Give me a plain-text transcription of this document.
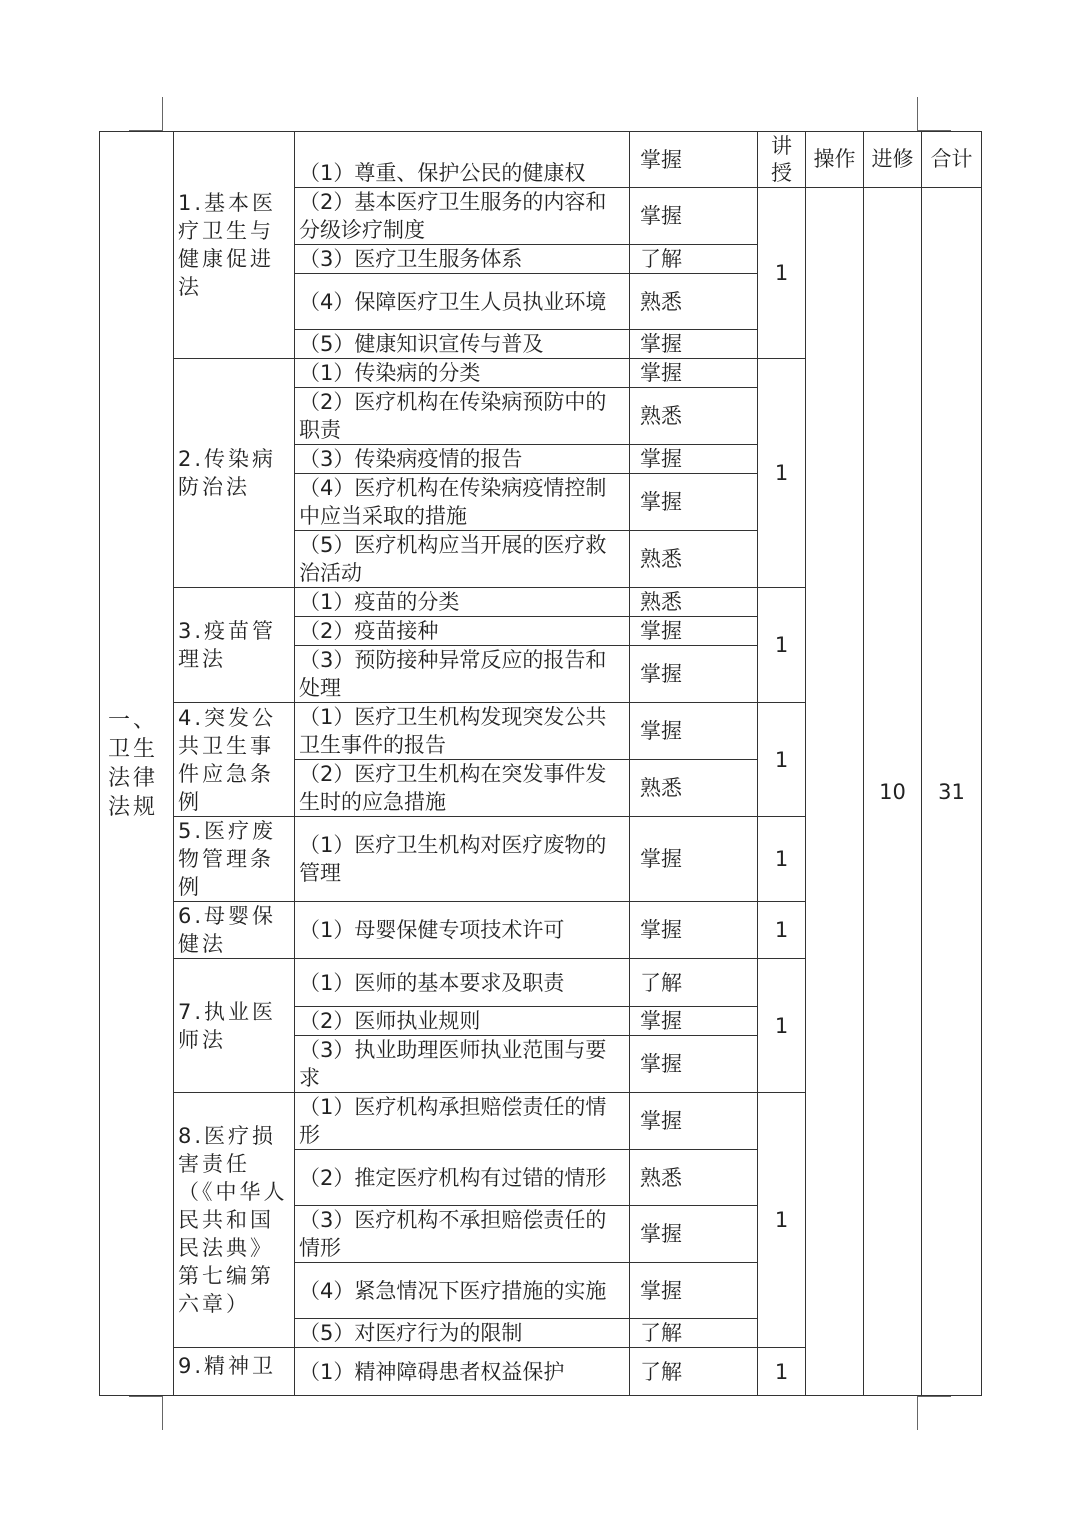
一、卫生法律法规	1.基本医疗卫生与健康促进法	（1）尊重、保护公民的健康权	掌握	讲授	操作	进修	合计
		（2）基本医疗卫生服务的内容和分级诊疗制度	掌握	1		10	31
		（3）医疗卫生服务体系	了解				
		（4）保障医疗卫生人员执业环境	熟悉				
		（5）健康知识宣传与普及	掌握				
	2.传染病防治法	（1）传染病的分类	掌握	1			
		（2）医疗机构在传染病预防中的职责	熟悉				
		（3）传染病疫情的报告	掌握				
		（4）医疗机构在传染病疫情控制中应当采取的措施	掌握				
		（5）医疗机构应当开展的医疗救治活动	熟悉				
	3.疫苗管理法	（1）疫苗的分类	熟悉	1			
		（2）疫苗接种	掌握				
		（3）预防接种异常反应的报告和处理	掌握				
	4.突发公共卫生事件应急条例	（1）医疗卫生机构发现突发公共卫生事件的报告	掌握	1			
		（2）医疗卫生机构在突发事件发生时的应急措施	熟悉				
	5.医疗废物管理条例	（1）医疗卫生机构对医疗废物的管理	掌握	1			
	6.母婴保健法	（1）母婴保健专项技术许可	掌握	1			
	7.执业医师法	（1）医师的基本要求及职责	了解	1			
		（2）医师执业规则	掌握				
		（3）执业助理医师执业范围与要求	掌握				
	8.医疗损害责任（《中华人民共和国民法典》第七编第六章）	（1）医疗机构承担赔偿责任的情形	掌握	1			
		（2）推定医疗机构有过错的情形	熟悉				
		（3）医疗机构不承担赔偿责任的情形	掌握				
		（4）紧急情况下医疗措施的实施	掌握				
		（5）对医疗行为的限制	了解				
	9.精神卫	（1）精神障碍患者权益保护	了解	1			
